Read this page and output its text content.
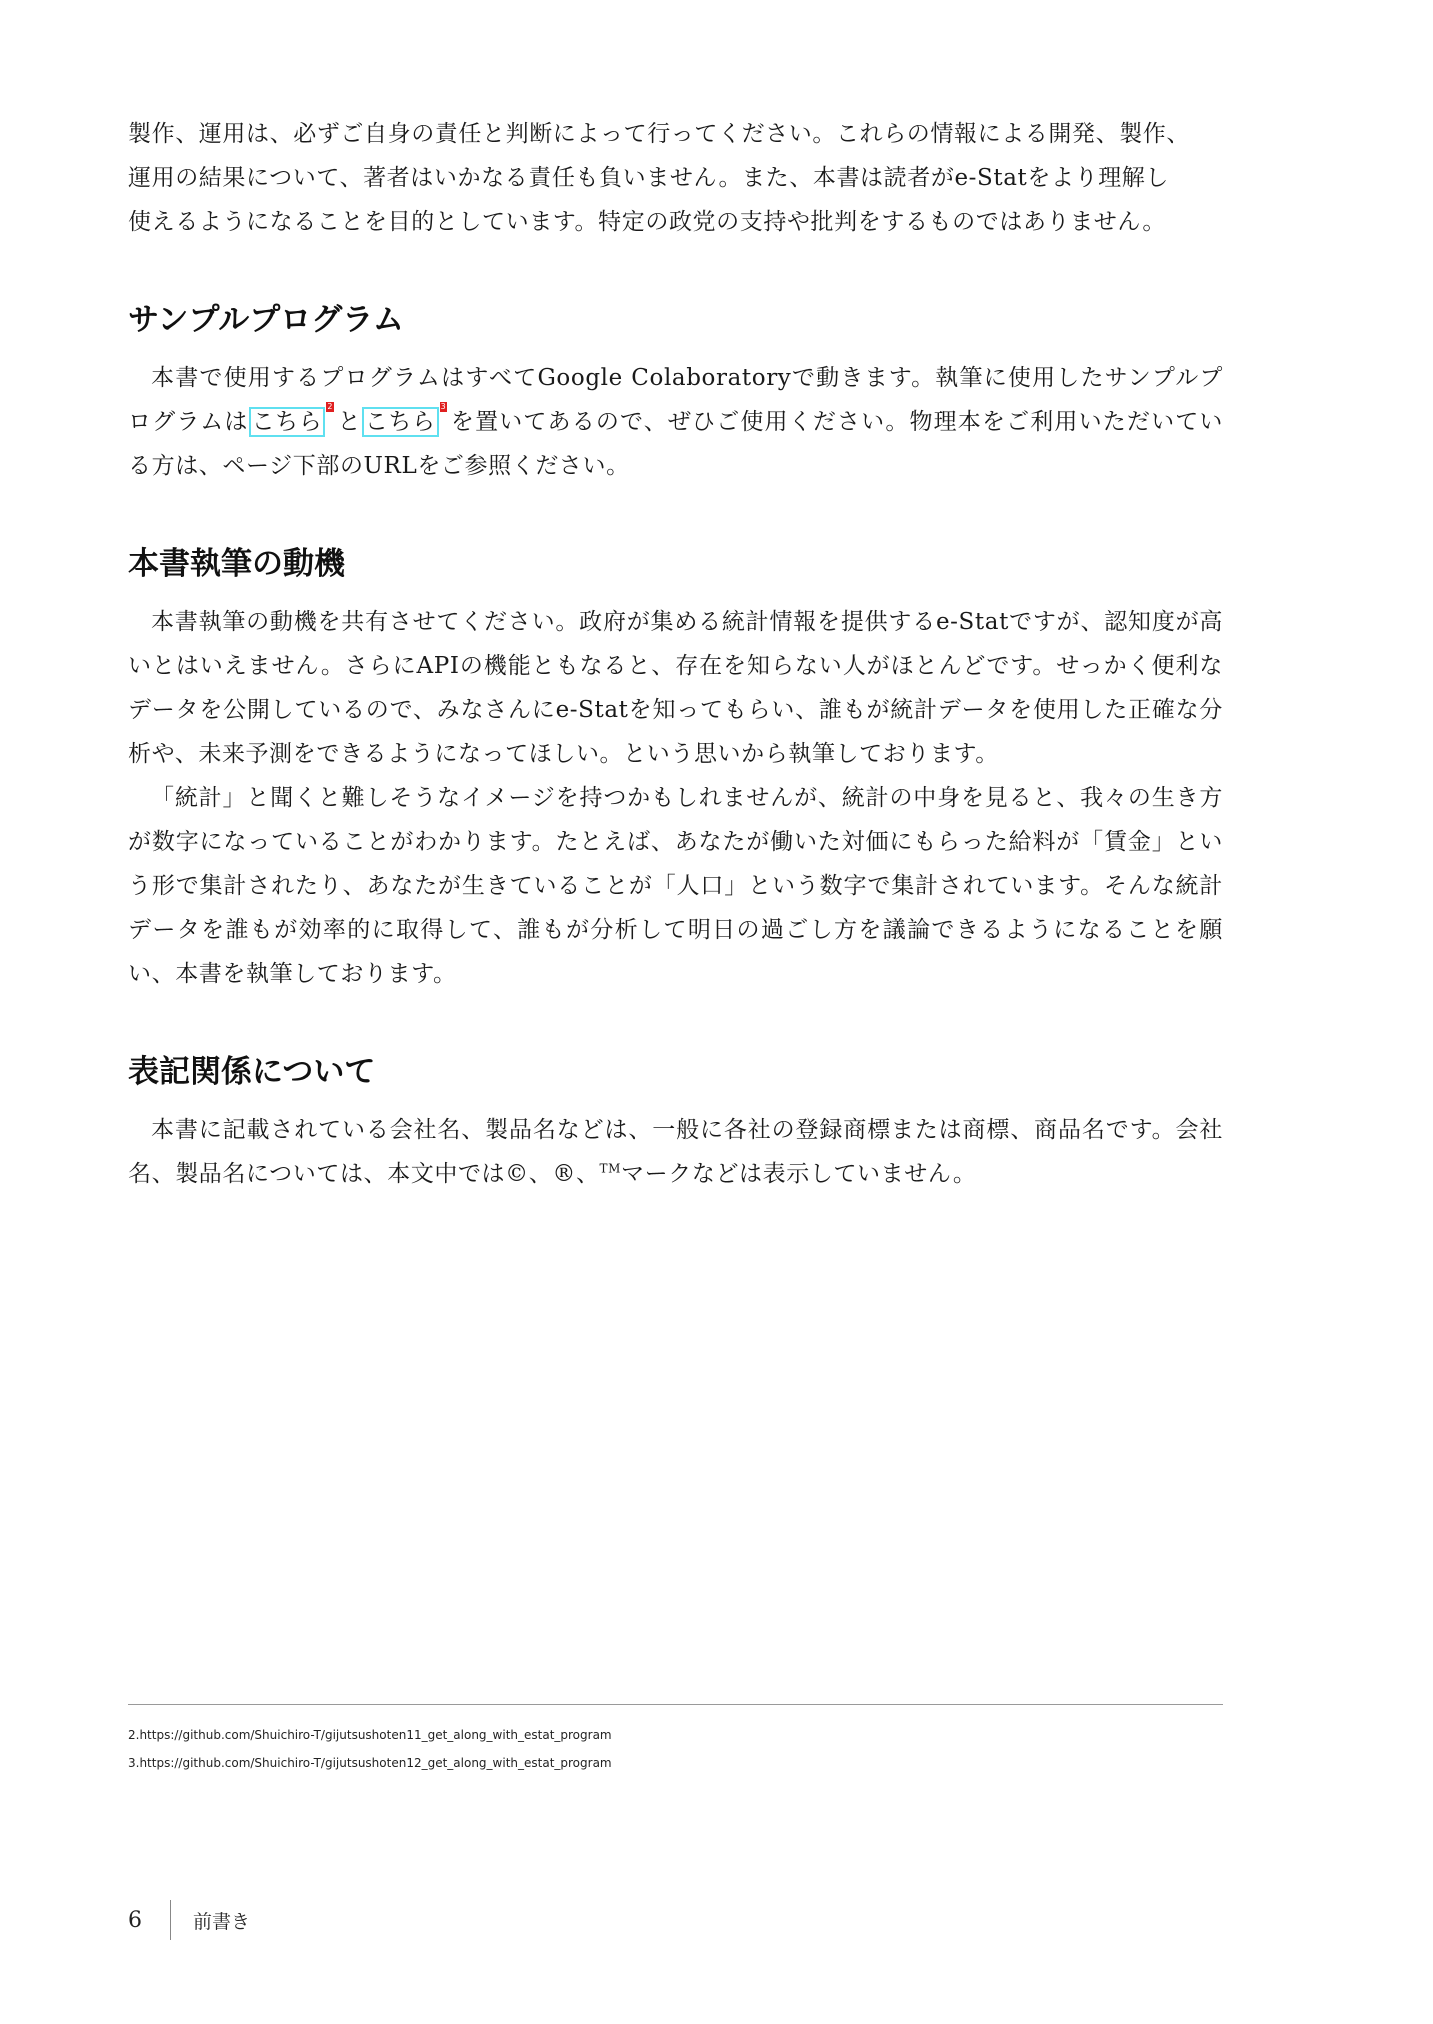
製作、運用は、必ずご自身の責任と判断によって行ってください。これらの情報による開発、製作、
運用の結果について、著者はいかなる責任も負いません。また、本書は読者がe-Statをより理解し
使えるようになることを目的としています。特定の政党の支持や批判をするものではありません。

サンプルプログラム

本書で使用するプログラムはすべてGoogle Colaboratoryで動きます。執筆に使用したサンプルプログラムは こちら2と こちら3を置いてあるので、ぜひご使用ください。物理本をご利用いただいている方は、ページ下部のURLをご参照ください。

本書執筆の動機

本書執筆の動機を共有させてください。政府が集める統計情報を提供するe-Statですが、認知度が高いとはいえません。さらにAPIの機能ともなると、存在を知らない人がほとんどです。せっかく便利なデータを公開しているので、みなさんにe-Statを知ってもらい、誰もが統計データを使用した正確な分析や、未来予測をできるようになってほしい。という思いから執筆しております。

「統計」と聞くと難しそうなイメージを持つかもしれませんが、統計の中身を見ると、我々の生き方が数字になっていることがわかります。たとえば、あなたが働いた対価にもらった給料が「賃金」という形で集計されたり、あなたが生きていることが「人口」という数字で集計されています。そんな統計データを誰もが効率的に取得して、誰もが分析して明日の過ごし方を議論できるようになることを願い、本書を執筆しております。

表記関係について

本書に記載されている会社名、製品名などは、一般に各社の登録商標または商標、商品名です。会社名、製品名については、本文中では©、®、™マークなどは表示していません。

2.https://github.com/Shuichiro-T/gijutsushoten11_get_along_with_estat_program
3.https://github.com/Shuichiro-T/gijutsushoten12_get_along_with_estat_program
6	前書き
